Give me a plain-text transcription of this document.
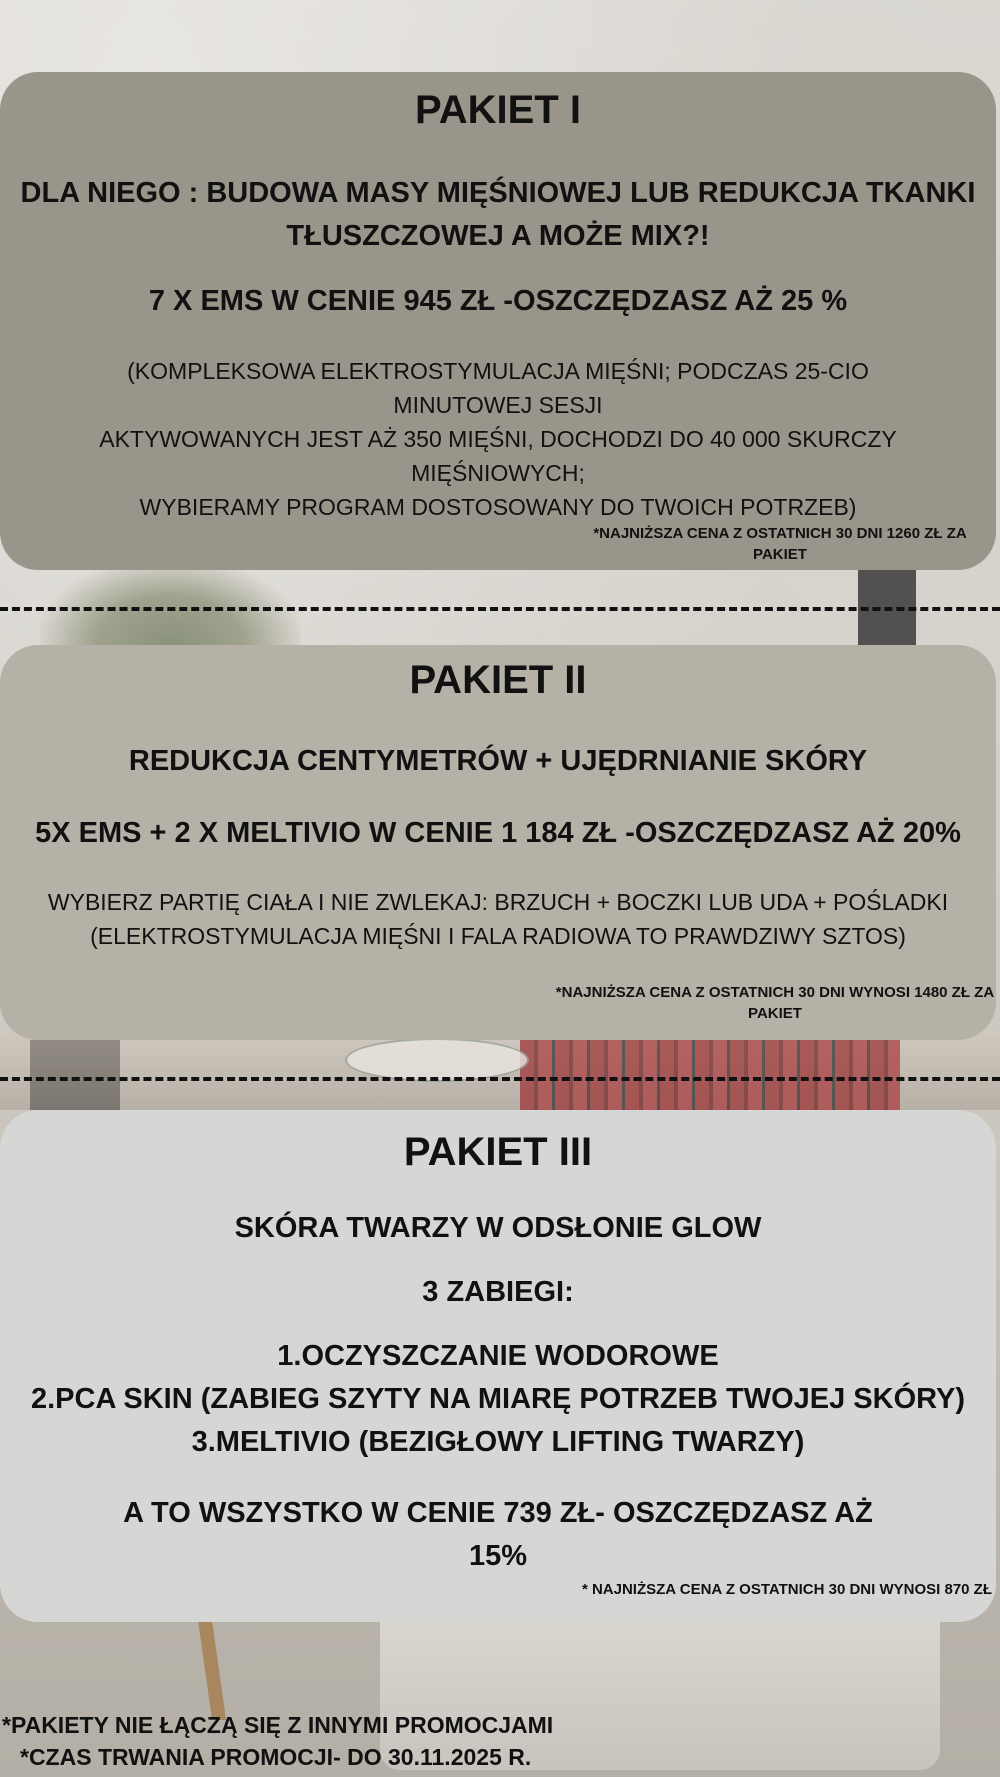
PAKIET I
DLA NIEGO : BUDOWA MASY MIĘŚNIOWEJ LUB REDUKCJA TKANKI TŁUSZCZOWEJ A MOŻE MIX?!
7 X EMS W CENIE 945 ZŁ -OSZCZĘDZASZ AŻ 25 %
(KOMPLEKSOWA ELEKTROSTYMULACJA MIĘŚNI; PODCZAS 25-CIO MINUTOWEJ SESJI
AKTYWOWANYCH JEST AŻ 350 MIĘŚNI, DOCHODZI DO 40 000 SKURCZY MIĘŚNIOWYCH;
WYBIERAMY PROGRAM DOSTOSOWANY DO TWOICH POTRZEB)
*NAJNIŻSZA CENA Z OSTATNICH 30 DNI 1260 ZŁ ZA PAKIET
PAKIET II
REDUKCJA CENTYMETRÓW + UJĘDRNIANIE SKÓRY
5X EMS + 2 X MELTIVIO W CENIE 1 184 ZŁ -OSZCZĘDZASZ AŻ 20%
WYBIERZ PARTIĘ CIAŁA I NIE ZWLEKAJ: BRZUCH + BOCZKI LUB UDA + POŚLADKI
(ELEKTROSTYMULACJA MIĘŚNI I FALA RADIOWA TO PRAWDZIWY SZTOS)
*NAJNIŻSZA CENA Z OSTATNICH 30 DNI WYNOSI 1480 ZŁ ZA PAKIET
PAKIET III
SKÓRA TWARZY W ODSŁONIE GLOW
3 ZABIEGI:
1.OCZYSZCZANIE WODOROWE
2.PCA SKIN (ZABIEG SZYTY NA MIARĘ POTRZEB TWOJEJ SKÓRY)
3.MELTIVIO (BEZIGŁOWY LIFTING TWARZY)
A TO WSZYSTKO W CENIE 739 ZŁ- OSZCZĘDZASZ AŻ
15%
* NAJNIŻSZA CENA Z OSTATNICH 30 DNI WYNOSI 870 ZŁ
*PAKIETY NIE ŁĄCZĄ SIĘ Z INNYMI PROMOCJAMI
*CZAS TRWANIA PROMOCJI- DO 30.11.2025 R.
